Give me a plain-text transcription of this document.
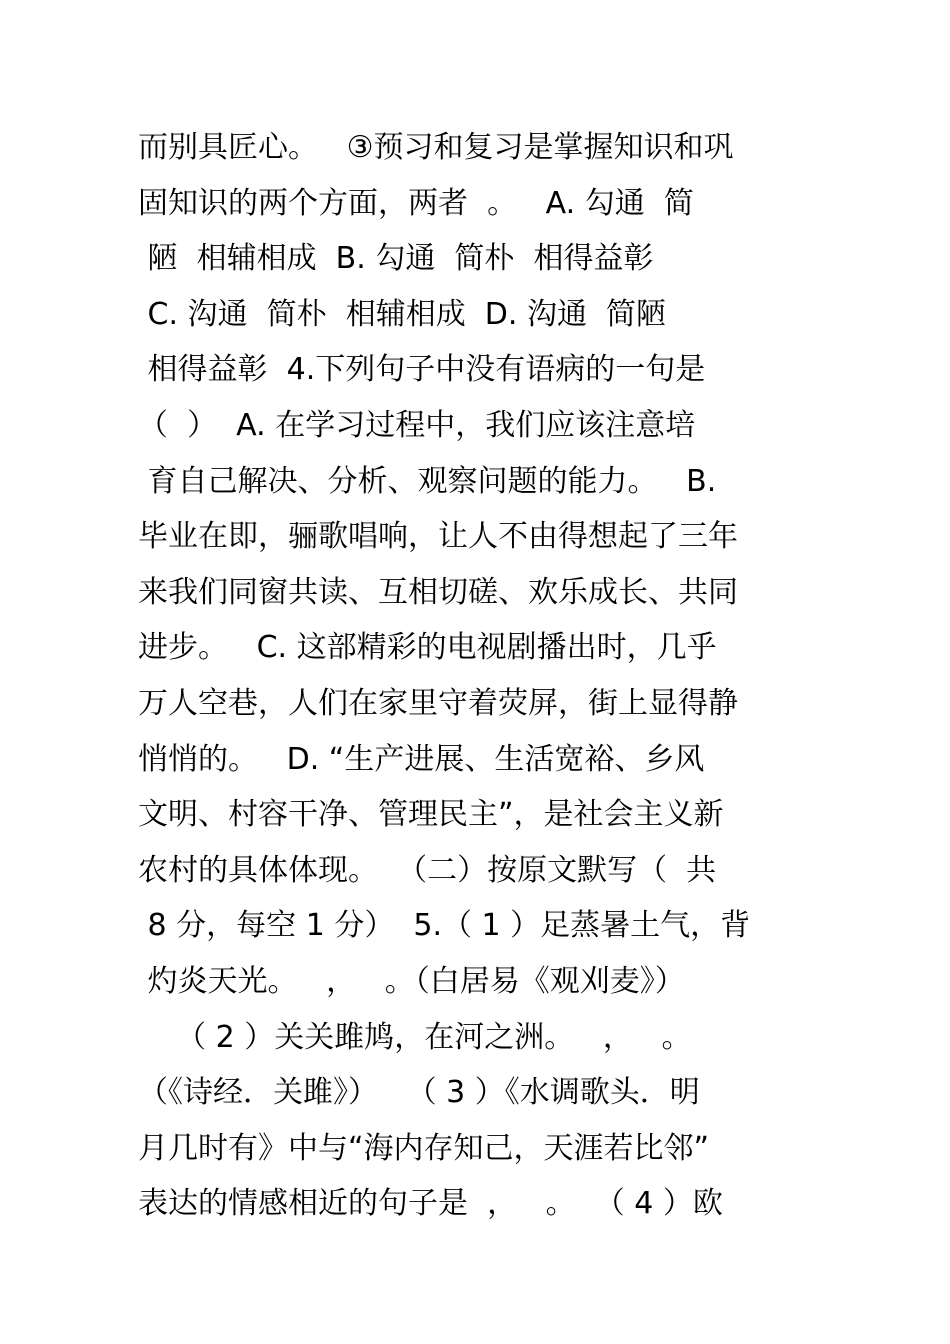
而别具匠心。   ③预习和复习是掌握知识和巩
固知识的两个方面，两者  。   A. 勾通  简
陋  相辅相成  B. 勾通  简朴  相得益彰
C. 沟通  简朴  相辅相成  D. 沟通  简陋
相得益彰  4.下列句子中没有语病的一句是
（  ）  A. 在学习过程中，我们应该注意培
育自己解决、分析、观察问题的能力。   B.
毕业在即，骊歌唱响，让人不由得想起了三年
来我们同窗共读、互相切磋、欢乐成长、共同
进步。   C. 这部精彩的电视剧播出时，几乎
万人空巷，人们在家里守着荧屏，街上显得静
悄悄的。   D. “生产进展、生活宽裕、乡风
文明、村容干净、管理民主”，是社会主义新
农村的具体体现。  （二）按原文默写（  共
8 分，每空 1 分）  5.（ 1 ）足蒸暑土气，背
灼炎天光。   ，   。（白居易《观刈麦》）
（ 2 ）关关雎鸠，在河之洲。   ，   。
（《诗经．关雎》）   （ 3 ）《水调歌头．明
月几时有》中与“海内存知己，天涯若比邻”
表达的情感相近的句子是  ，   。  （ 4 ）欧
